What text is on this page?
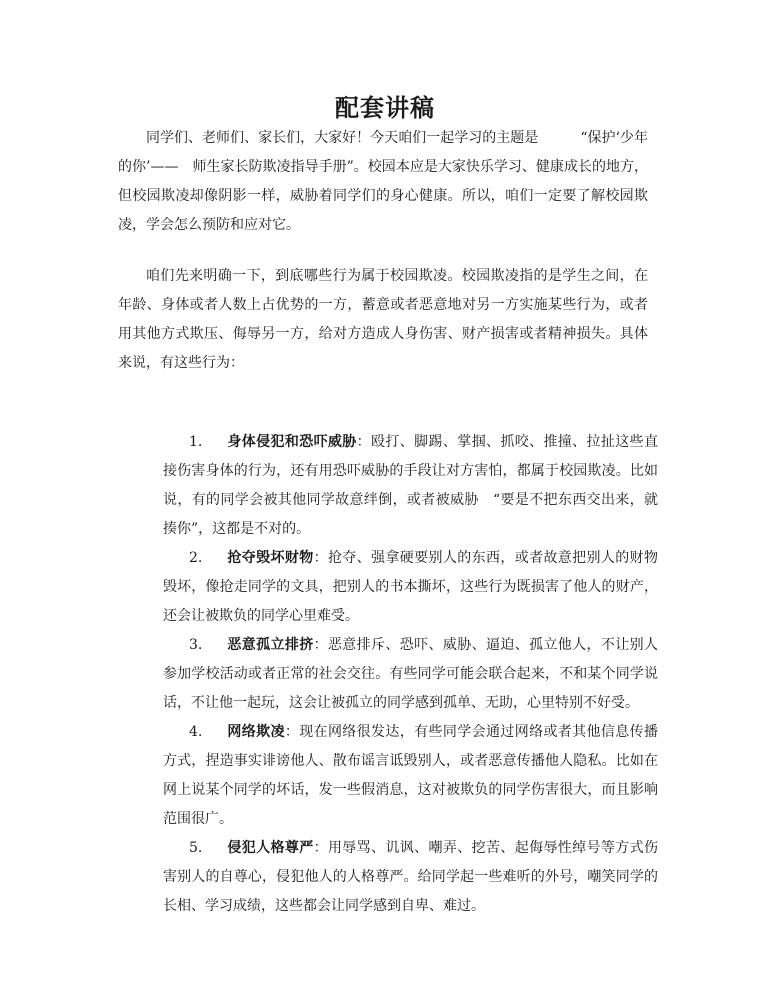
配套讲稿

同学们、老师们、家长们，大家好！今天咱们一起学习的主题是　　　“保护‘少年的你’——　师生家长防欺凌指导手册”。校园本应是大家快乐学习、健康成长的地方，但校园欺凌却像阴影一样，威胁着同学们的身心健康。所以，咱们一定要了解校园欺凌，学会怎么预防和应对它。

咱们先来明确一下，到底哪些行为属于校园欺凌。校园欺凌指的是学生之间，在年龄、身体或者人数上占优势的一方，蓄意或者恶意地对另一方实施某些行为，或者用其他方式欺压、侮辱另一方，给对方造成人身伤害、财产损害或者精神损失。具体来说，有这些行为：

1. 身体侵犯和恐吓威胁：殴打、脚踢、掌掴、抓咬、推撞、拉扯这些直接伤害身体的行为，还有用恐吓威胁的手段让对方害怕，都属于校园欺凌。比如说，有的同学会被其他同学故意绊倒，或者被威胁　“要是不把东西交出来，就揍你”，这都是不对的。

2. 抢夺毁坏财物：抢夺、强拿硬要别人的东西，或者故意把别人的财物毁坏，像抢走同学的文具，把别人的书本撕坏，这些行为既损害了他人的财产，还会让被欺负的同学心里难受。

3. 恶意孤立排挤：恶意排斥、恐吓、威胁、逼迫、孤立他人，不让别人参加学校活动或者正常的社会交往。有些同学可能会联合起来，不和某个同学说话，不让他一起玩，这会让被孤立的同学感到孤单、无助，心里特别不好受。

4. 网络欺凌：现在网络很发达，有些同学会通过网络或者其他信息传播方式，捏造事实诽谤他人、散布谣言诋毁别人，或者恶意传播他人隐私。比如在网上说某个同学的坏话，发一些假消息，这对被欺负的同学伤害很大，而且影响范围很广。

5. 侵犯人格尊严：用辱骂、讥讽、嘲弄、挖苦、起侮辱性绰号等方式伤害别人的自尊心，侵犯他人的人格尊严。给同学起一些难听的外号，嘲笑同学的长相、学习成绩，这些都会让同学感到自卑、难过。
